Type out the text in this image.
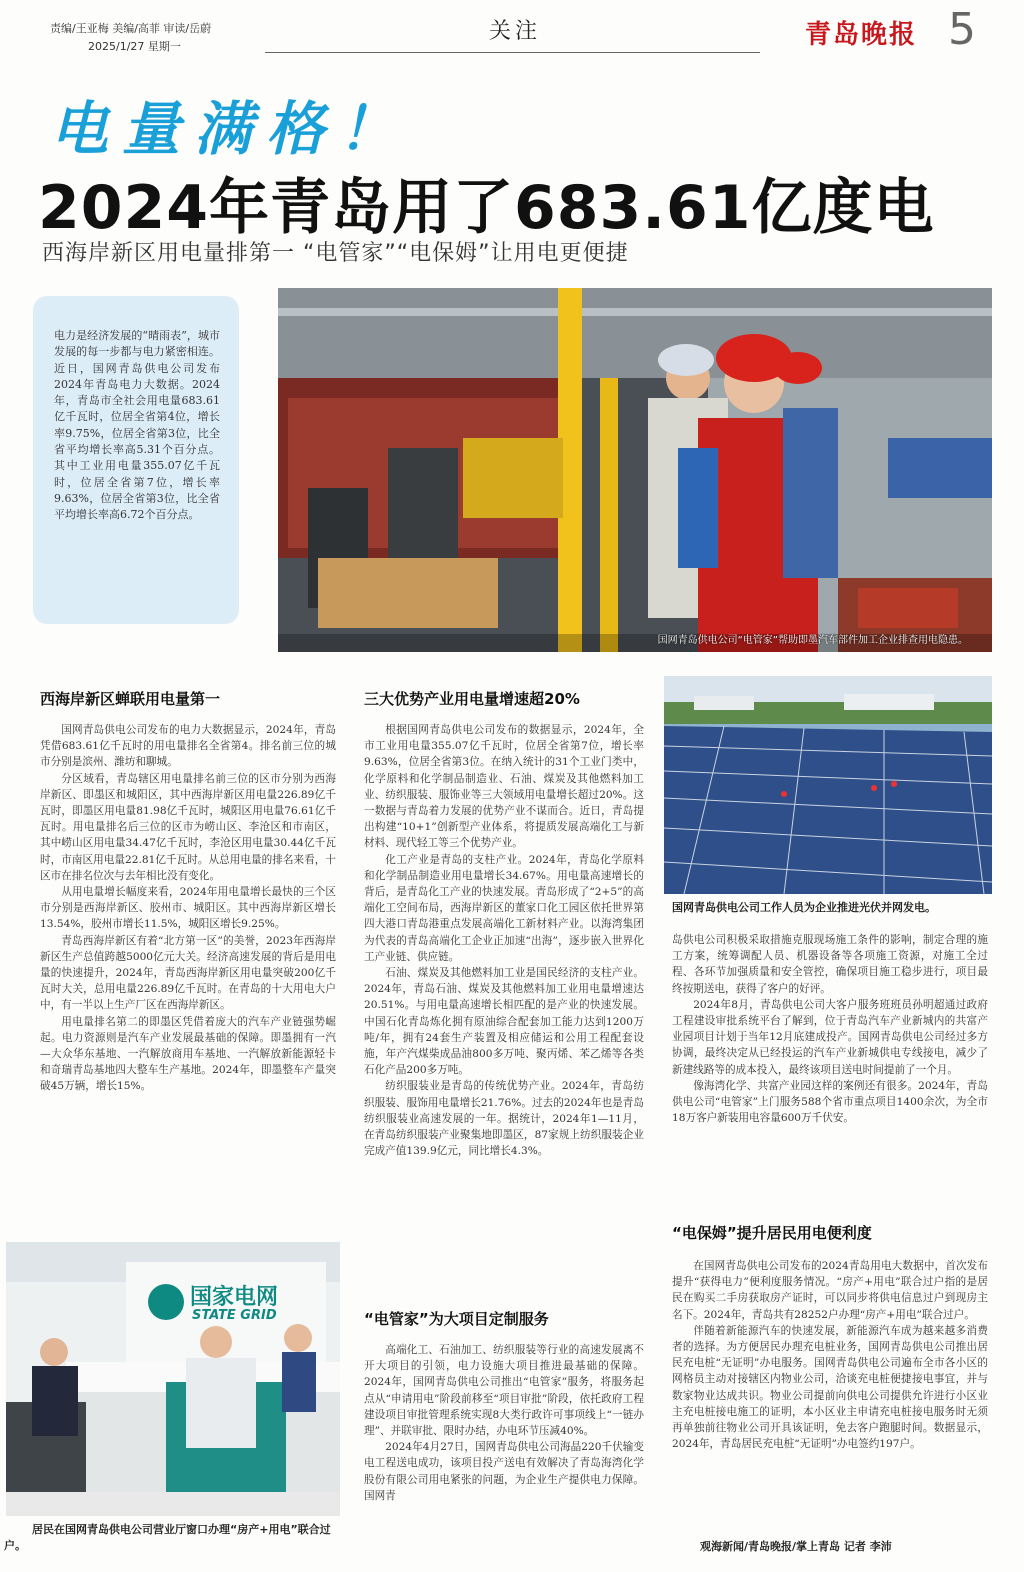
责编/王亚梅 美编/高菲 审读/岳蔚
2025/1/27 星期一
关注	青岛晚报 5
电量满格！
2024年青岛用了683.61亿度电
西海岸新区用电量排第一 “电管家”“电保姆”让用电更便捷
电力是经济发展的“晴雨表”，城市发展的每一步都与电力紧密相连。近日，国网青岛供电公司发布2024年青岛电力大数据。2024年，青岛市全社会用电量683.61亿千瓦时，位居全省第4位，增长率9.75%，位居全省第3位，比全省平均增长率高5.31个百分点。其中工业用电量355.07亿千瓦时，位居全省第7位，增长率9.63%，位居全省第3位，比全省平均增长率高6.72个百分点。
国网青岛供电公司“电管家”帮助即墨汽车部件加工企业排查用电隐患。
西海岸新区蝉联用电量第一

国网青岛供电公司发布的电力大数据显示，2024年，青岛凭借683.61亿千瓦时的用电量排名全省第4。排名前三位的城市分别是滨州、潍坊和聊城。

分区域看，青岛辖区用电量排名前三位的区市分别为西海岸新区、即墨区和城阳区，其中西海岸新区用电量226.89亿千瓦时，即墨区用电量81.98亿千瓦时，城阳区用电量76.61亿千瓦时。用电量排名后三位的区市为崂山区、李沧区和市南区，其中崂山区用电量34.47亿千瓦时，李沧区用电量30.44亿千瓦时，市南区用电量22.81亿千瓦时。从总用电量的排名来看，十区市在排名位次与去年相比没有变化。

从用电量增长幅度来看，2024年用电量增长最快的三个区市分别是西海岸新区、胶州市、城阳区。其中西海岸新区增长13.54%，胶州市增长11.5%，城阳区增长9.25%。

青岛西海岸新区有着“北方第一区”的美誉，2023年西海岸新区生产总值跨越5000亿元大关。经济高速发展的背后是用电量的快速提升，2024年，青岛西海岸新区用电量突破200亿千瓦时大关，总用电量226.89亿千瓦时。在青岛的十大用电大户中，有一半以上生产厂区在西海岸新区。

用电量排名第二的即墨区凭借着庞大的汽车产业链强势崛起。电力资源则是汽车产业发展最基础的保障。即墨拥有一汽—大众华东基地、一汽解放商用车基地、一汽解放新能源轻卡和奇瑞青岛基地四大整车生产基地。2024年，即墨整车产量突破45万辆，增长15%。

国家电网
STATE GRID
居民在国网青岛供电公司营业厅窗口办理“房产+用电”联合过户。
三大优势产业用电量增速超20%

根据国网青岛供电公司发布的数据显示，2024年，全市工业用电量355.07亿千瓦时，位居全省第7位，增长率9.63%，位居全省第3位。在纳入统计的31个工业门类中，化学原料和化学制品制造业、石油、煤炭及其他燃料加工业、纺织服装、服饰业等三大领域用电量增长超过20%。这一数据与青岛着力发展的优势产业不谋而合。近日，青岛提出构建“10+1”创新型产业体系，将提质发展高端化工与新材料、现代轻工等三个优势产业。

化工产业是青岛的支柱产业。2024年，青岛化学原料和化学制品制造业用电量增长34.67%。用电量高速增长的背后，是青岛化工产业的快速发展。青岛形成了“2+5”的高端化工空间布局，西海岸新区的董家口化工园区依托世界第四大港口青岛港重点发展高端化工新材料产业。以海湾集团为代表的青岛高端化工企业正加速“出海”，逐步嵌入世界化工产业链、供应链。

石油、煤炭及其他燃料加工业是国民经济的支柱产业。2024年，青岛石油、煤炭及其他燃料加工业用电量增速达20.51%。与用电量高速增长相匹配的是产业的快速发展。中国石化青岛炼化拥有原油综合配套加工能力达到1200万吨/年，拥有24套生产装置及相应储运和公用工程配套设施，年产汽煤柴成品油800多万吨、聚丙烯、苯乙烯等各类石化产品200多万吨。

纺织服装业是青岛的传统优势产业。2024年，青岛纺织服装、服饰用电量增长21.76%。过去的2024年也是青岛纺织服装业高速发展的一年。据统计，2024年1—11月，在青岛纺织服装产业聚集地即墨区，87家规上纺织服装企业完成产值139.9亿元，同比增长4.3%。

“电管家”为大项目定制服务

高端化工、石油加工、纺织服装等行业的高速发展离不开大项目的引领，电力设施大项目推进最基础的保障。2024年，国网青岛供电公司推出“电管家”服务，将服务起点从“申请用电”阶段前移至“项目审批”阶段，依托政府工程建设项目审批管理系统实现8大类行政许可事项线上“一链办理”、并联审批、限时办结，办电环节压减40%。

2024年4月27日，国网青岛供电公司海晶220千伏输变电工程送电成功，该项目投产送电有效解决了青岛海湾化学股份有限公司用电紧张的问题，为企业生产提供电力保障。国网青

国网青岛供电公司工作人员为企业推进光伏并网发电。

岛供电公司积极采取措施克服现场施工条件的影响，制定合理的施工方案，统筹调配人员、机器设备等各项施工资源，对施工全过程、各环节加强质量和安全管控，确保项目施工稳步进行，项目最终按期送电，获得了客户的好评。

2024年8月，青岛供电公司大客户服务班班员孙明超通过政府工程建设审批系统平台了解到，位于青岛汽车产业新城内的共富产业园项目计划于当年12月底建成投产。国网青岛供电公司经过多方协调，最终决定从已经投运的汽车产业新城供电专线接电，减少了新建线路等的成本投入，最终该项目送电时间提前了一个月。

像海湾化学、共富产业园这样的案例还有很多。2024年，青岛供电公司“电管家”上门服务588个省市重点项目1400余次，为全市18万客户新装用电容量600万千伏安。

“电保姆”提升居民用电便利度

在国网青岛供电公司发布的2024青岛用电大数据中，首次发布提升“获得电力”便利度服务情况。“房产+用电”联合过户指的是居民在购买二手房获取房产证时，可以同步将供电信息过户到现房主名下。2024年，青岛共有28252户办理“房产+用电”联合过户。

伴随着新能源汽车的快速发展，新能源汽车成为越来越多消费者的选择。为方便居民办理充电桩业务，国网青岛供电公司推出居民充电桩“无证明”办电服务。国网青岛供电公司遍布全市各小区的网格员主动对接辖区内物业公司，洽谈充电桩便捷接电事宜，并与数家物业达成共识。物业公司提前向供电公司提供允许进行小区业主充电桩接电施工的证明，本小区业主申请充电桩接电服务时无须再单独前往物业公司开具该证明，免去客户跑腿时间。数据显示，2024年，青岛居民充电桩“无证明”办电签约197户。

观海新闻/青岛晚报/掌上青岛 记者 李沛
